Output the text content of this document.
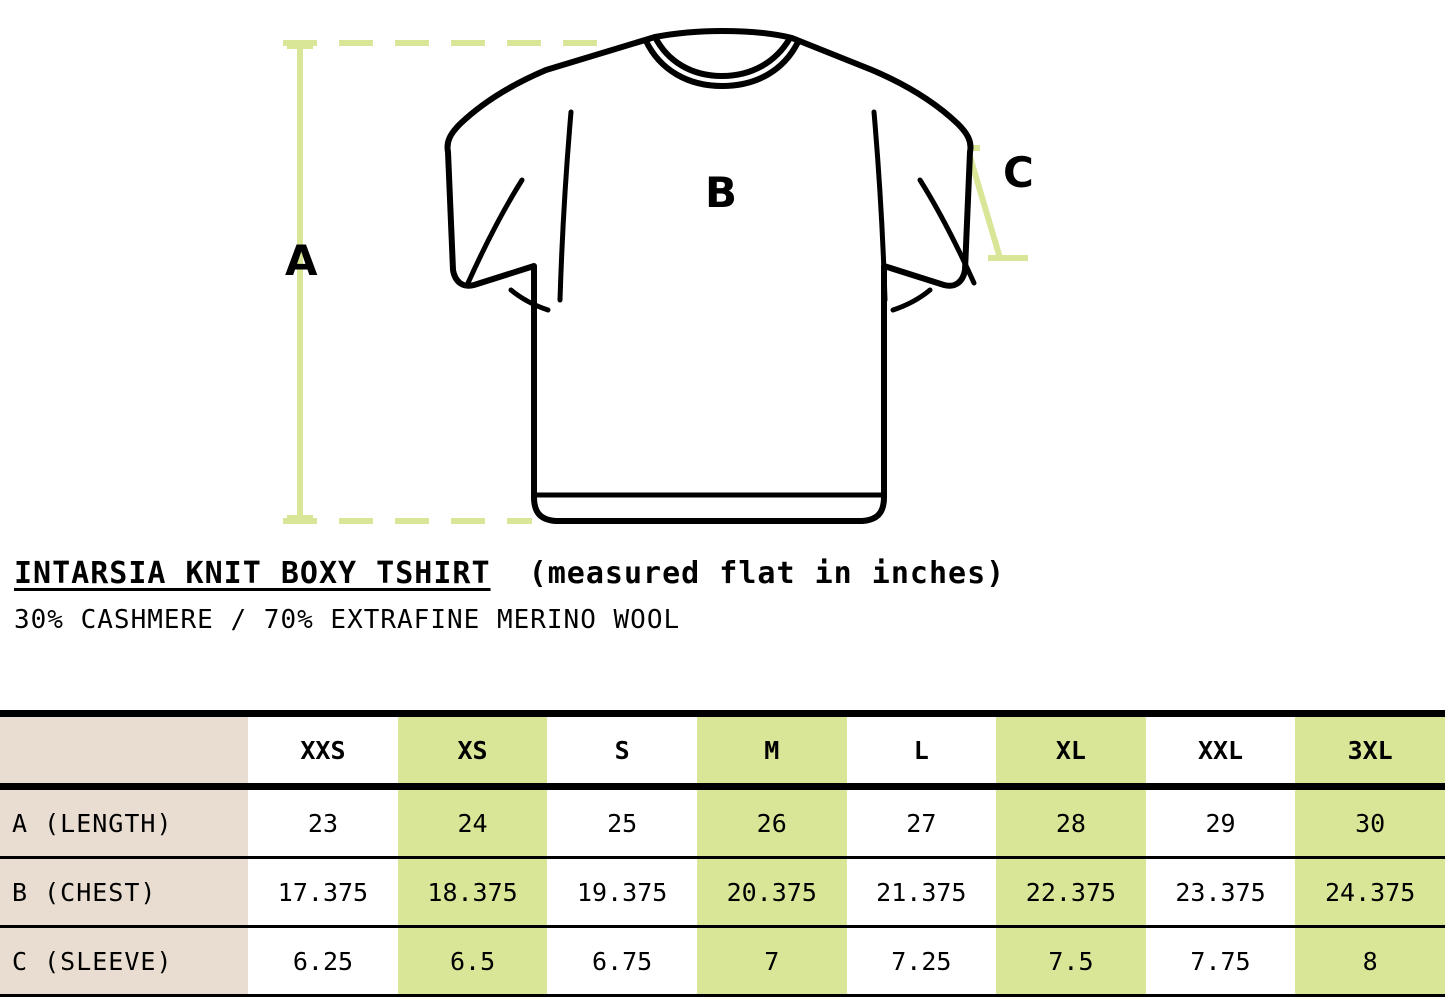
A
B	C
INTARSIA KNIT BOXY TSHIRT (measured flat in inches)
30% CASHMERE / 70% EXTRAFINE MERINO WOOL
	XXS	XS	S	M	L	XL	XXL	3XL
A (LENGTH)	23	24	25	26	27	28	29	30
B (CHEST)	17.375	18.375	19.375	20.375	21.375	22.375	23.375	24.375
C (SLEEVE)	6.25	6.5	6.75	7	7.25	7.5	7.75	8
